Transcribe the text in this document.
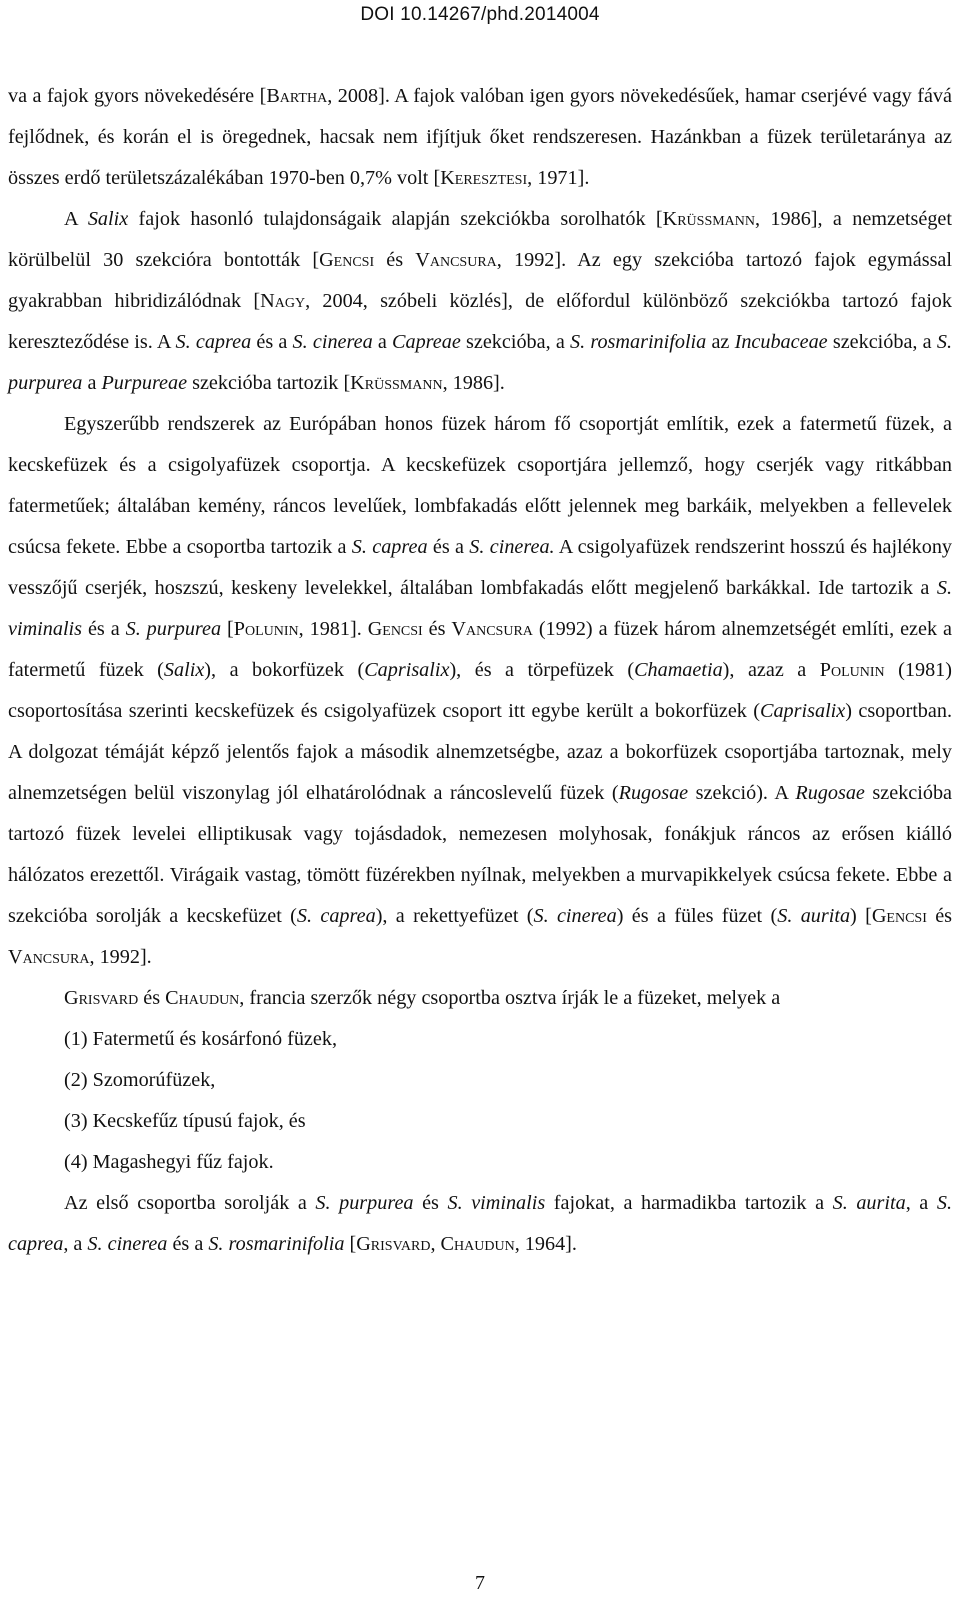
DOI 10.14267/phd.2014004

va a fajok gyors növekedésére [Bartha, 2008]. A fajok valóban igen gyors növekedésűek, hamar cserjévé vagy fává fejlődnek, és korán el is öregednek, hacsak nem ifjítjuk őket rendszeresen. Hazánkban a füzek területaránya az összes erdő területszázalékában 1970-ben 0,7% volt [Keresztesi, 1971].

A Salix fajok hasonló tulajdonságaik alapján szekciókba sorolhatók [Krüssmann, 1986], a nemzetséget körülbelül 30 szekcióra bontották [Gencsi és Vancsura, 1992]. Az egy szekcióba tartozó fajok egymással gyakrabban hibridizálódnak [Nagy, 2004, szóbeli közlés], de előfordul különböző szekciókba tartozó fajok kereszteződése is. A S. caprea és a S. cinerea a Capreae szekcióba, a S. rosmarinifolia az Incubaceae szekcióba, a S. purpurea a Purpureae szekcióba tartozik [Krüssmann, 1986].

Egyszerűbb rendszerek az Európában honos füzek három fő csoportját említik, ezek a fatermetű füzek, a kecskefüzek és a csigolyafüzek csoportja. A kecskefüzek csoportjára jellemző, hogy cserjék vagy ritkábban fatermetűek; általában kemény, ráncos levelűek, lombfakadás előtt jelennek meg barkáik, melyekben a fellevelek csúcsa fekete. Ebbe a csoportba tartozik a S. caprea és a S. cinerea. A csigolyafüzek rendszerint hosszú és hajlékony vesszőjű cserjék, hoszszú, keskeny levelekkel, általában lombfakadás előtt megjelenő barkákkal. Ide tartozik a S. viminalis és a S. purpurea [Polunin, 1981]. Gencsi és Vancsura (1992) a füzek három alnemzetségét említi, ezek a fatermetű füzek (Salix), a bokorfüzek (Caprisalix), és a törpefüzek (Chamaetia), azaz a Polunin (1981) csoportosítása szerinti kecskefüzek és csigolyafüzek csoport itt egybe került a bokorfüzek (Caprisalix) csoportban. A dolgozat témáját képző jelentős fajok a második alnemzetségbe, azaz a bokorfüzek csoportjába tartoznak, mely alnemzetségen belül viszonylag jól elhatárolódnak a ráncoslevelű füzek (Rugosae szekció). A Rugosae szekcióba tartozó füzek levelei elliptikusak vagy tojásdadok, nemezesen molyhosak, fonákjuk ráncos az erősen kiálló hálózatos erezettől. Virágaik vastag, tömött füzérekben nyílnak, melyekben a murvapikkelyek csúcsa fekete. Ebbe a szekcióba sorolják a kecskefüzet (S. caprea), a rekettyefüzet (S. cinerea) és a füles füzet (S. aurita) [Gencsi és Vancsura, 1992].

Grisvard és Chaudun, francia szerzők négy csoportba osztva írják le a füzeket, melyek a

(1) Fatermetű és kosárfonó füzek,
(2) Szomorúfüzek,
(3) Kecskefűz típusú fajok, és
(4) Magashegyi fűz fajok.

Az első csoportba sorolják a S. purpurea és S. viminalis fajokat, a harmadikba tartozik a S. aurita, a S. caprea, a S. cinerea és a S. rosmarinifolia [Grisvard, Chaudun, 1964].

7
